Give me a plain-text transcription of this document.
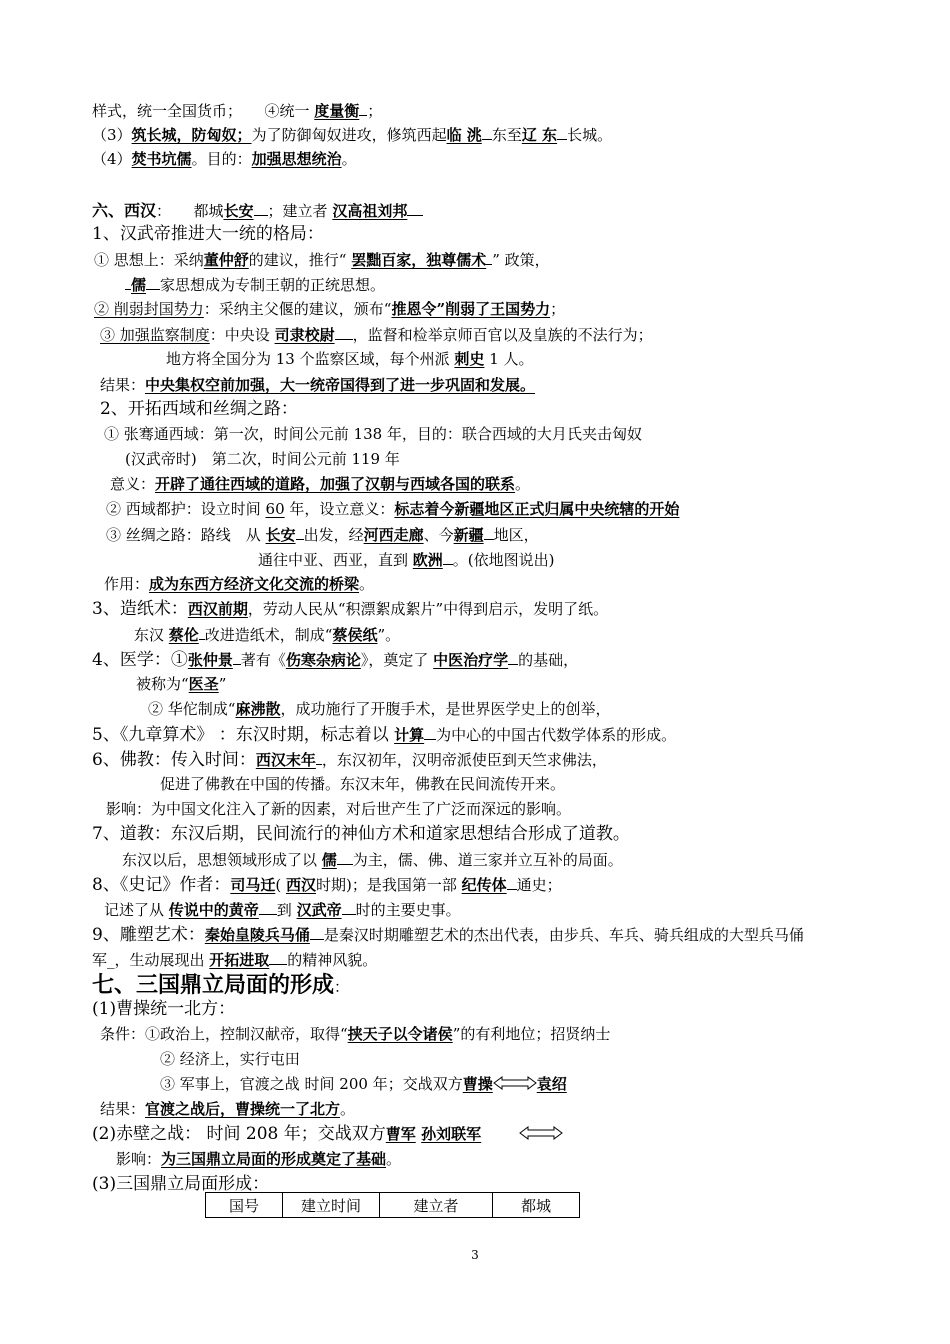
样式，统一全国货币；　　④统一 度量衡 ；
（3）筑长城，防匈奴；为了防御匈奴进攻，修筑西起临 洮 东至辽 东 长城。
（4）焚书坑儒。目的：加强思想统治。
六、西汉：　　都城长安 ；建立者 汉高祖刘邦
1、汉武帝推进大一统的格局：
① 思想上：采纳董仲舒的建议，推行“ 罢黜百家，独尊儒术 ” 政策，
儒 家思想成为专制王朝的正统思想。
② 削弱封国势力：采纳主父偃的建议，颁布“推恩令”削弱了王国势力；
③ 加强监察制度：中央设 司隶校尉 ，监督和检举京师百官以及皇族的不法行为；
地方将全国分为 13 个监察区域，每个州派 刺史 1 人。
结果：中央集权空前加强，大一统帝国得到了进一步巩固和发展。
2、开拓西域和丝绸之路：
① 张骞通西域：第一次，时间公元前 138 年，目的：联合西域的大月氏夹击匈奴
(汉武帝时)　第二次，时间公元前 119 年
意义：开辟了通往西域的道路，加强了汉朝与西域各国的联系。
② 西域都护：设立时间 60 年，设立意义：标志着今新疆地区正式归属中央统辖的开始
③ 丝绸之路：路线　从 长安 出发，经河西走廊、今新疆 地区，
通往中亚、西亚，直到 欧洲 。(依地图说出)
作用：成为东西方经济文化交流的桥梁。
3、造纸术：西汉前期，劳动人民从“积漂絮成絮片”中得到启示，发明了纸。
东汉 蔡伦 改进造纸术，制成“蔡侯纸”。
4、医学：①张仲景 著有《伤寒杂病论》，奠定了 中医治疗学 的基础，
被称为“医圣”
② 华佗制成“麻沸散，成功施行了开腹手术，是世界医学史上的创举，
5、《九章算术》 ：东汉时期，标志着以 计算 为中心的中国古代数学体系的形成。
6、佛教：传入时间：西汉末年 ，东汉初年，汉明帝派使臣到天竺求佛法，
促进了佛教在中国的传播。东汉末年，佛教在民间流传开来。
影响：为中国文化注入了新的因素，对后世产生了广泛而深远的影响。
7、道教：东汉后期，民间流行的神仙方术和道家思想结合形成了道教。
东汉以后，思想领域形成了以 儒 为主，儒、佛、道三家并立互补的局面。
8、《史记》作者：司马迁( 西汉时期)；是我国第一部 纪传体 通史；
记述了从 传说中的黄帝 到 汉武帝 时的主要史事。
9、雕塑艺术：秦始皇陵兵马俑 是秦汉时期雕塑艺术的杰出代表，由步兵、车兵、骑兵组成的大型兵马俑
军_，生动展现出 开拓进取 的精神风貌。
七、三国鼎立局面的形成：
(1)曹操统一北方：
条件：①政治上，控制汉献帝，取得“挟天子以令诸侯”的有利地位；招贤纳士
② 经济上，实行屯田
③ 军事上，官渡之战 时间 200 年；交战双方曹操	袁绍
结果：官渡之战后，曹操统一了北方。
(2)赤壁之战： 时间 208 年；交战双方曹军 孙刘联军
影响：为三国鼎立局面的形成奠定了基础。
(3)三国鼎立局面形成：
国号	建立时间	建立者	都城
3
